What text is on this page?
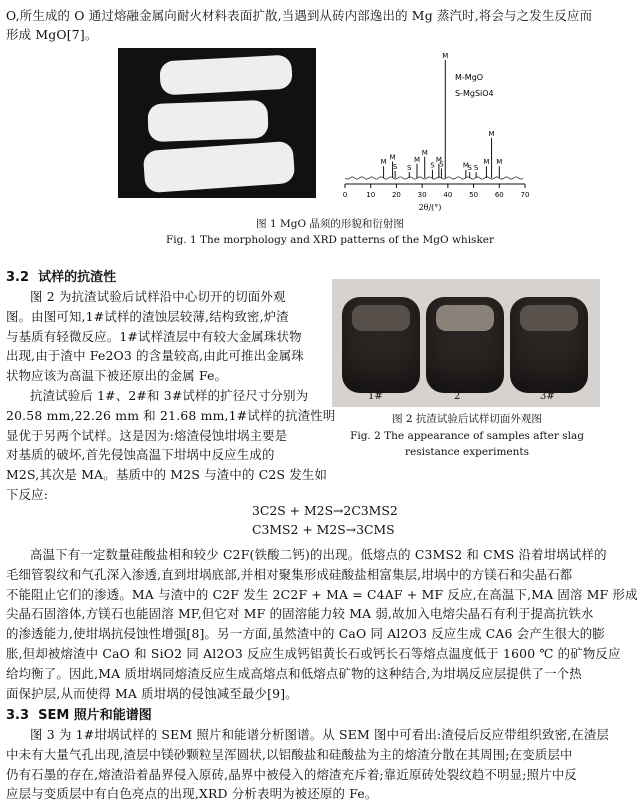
O,所生成的 O 通过熔融金属向耐火材料表面扩散,当遇到从砖内部逸出的 Mg 蒸汽时,将会与之发生反应而
形成 MgO[7]。
0	10 20 30 40 50 60 70
M
M
S S
M
M
S
M
S
M
M
S S
M
M
M
M-MgO
S-MgSiO4
2θ/(°)
图 1 MgO 晶须的形貌和衍射图
Fig. 1 The morphology and XRD patterns of the MgO whisker
3.2 试样的抗渣性
图 2 为抗渣试验后试样沿中心切开的切面外观
图。由图可知,1#试样的渣蚀层较薄,结构致密,炉渣
与基质有轻微反应。1#试样渣层中有较大金属珠状物
出现,由于渣中 Fe2O3 的含量较高,由此可推出金属珠
状物应该为高温下被还原出的金属 Fe。
抗渣试验后 1#、2#和 3#试样的扩径尺寸分别为
20.58 mm,22.26 mm 和 21.68 mm,1#试样的抗渣性明
显优于另两个试样。这是因为:熔渣侵蚀坩埚主要是
对基质的破坏,首先侵蚀高温下坩埚中反应生成的
M2S,其次是 MA。基质中的 M2S 与渣中的 C2S 发生如
下反应:
1#	2	3#
图 2 抗渣试验后试样切面外观图
Fig. 2 The appearance of samples after slag
resistance experiments
3C2S + M2S→2C3MS2
C3MS2 + M2S→3CMS
高温下有一定数量硅酸盐相和较少 C2F(铁酸二钙)的出现。低熔点的 C3MS2 和 CMS 沿着坩埚试样的
毛细管裂纹和气孔深入渗透,直到坩埚底部,并相对聚集形成硅酸盐相富集层,坩埚中的方镁石和尖晶石都
不能阻止它们的渗透。MA 与渣中的 C2F 发生 2C2F + MA = C4AF + MF 反应,在高温下,MA 固溶 MF 形成
尖晶石固溶体,方镁石也能固溶 MF,但它对 MF 的固溶能力较 MA 弱,故加入电熔尖晶石有利于提高抗铁水
的渗透能力,使坩埚抗侵蚀性增强[8]。另一方面,虽然渣中的 CaO 同 Al2O3 反应生成 CA6 会产生很大的膨
胀,但却被熔渣中 CaO 和 SiO2 同 Al2O3 反应生成钙铝黄长石或钙长石等熔点温度低于 1600 ℃ 的矿物反应
给均衡了。因此,MA 质坩埚同熔渣反应生成高熔点和低熔点矿物的这种结合,为坩埚反应层提供了一个热
面保护层,从而使得 MA 质坩埚的侵蚀减至最少[9]。
3.3 SEM 照片和能谱图
图 3 为 1#坩埚试样的 SEM 照片和能谱分析图谱。从 SEM 图中可看出:渣侵后反应带组织致密,在渣层
中未有大量气孔出现,渣层中镁砂颗粒呈浑圆状,以铝酸盐和硅酸盐为主的熔渣分散在其周围;在变质层中
仍有石墨的存在,熔渣沿着晶界侵入原砖,晶界中被侵入的熔渣充斥着;靠近原砖处裂纹趋不明显;照片中反
应层与变质层中有白色亮点的出现,XRD 分析表明为被还原的 Fe。
